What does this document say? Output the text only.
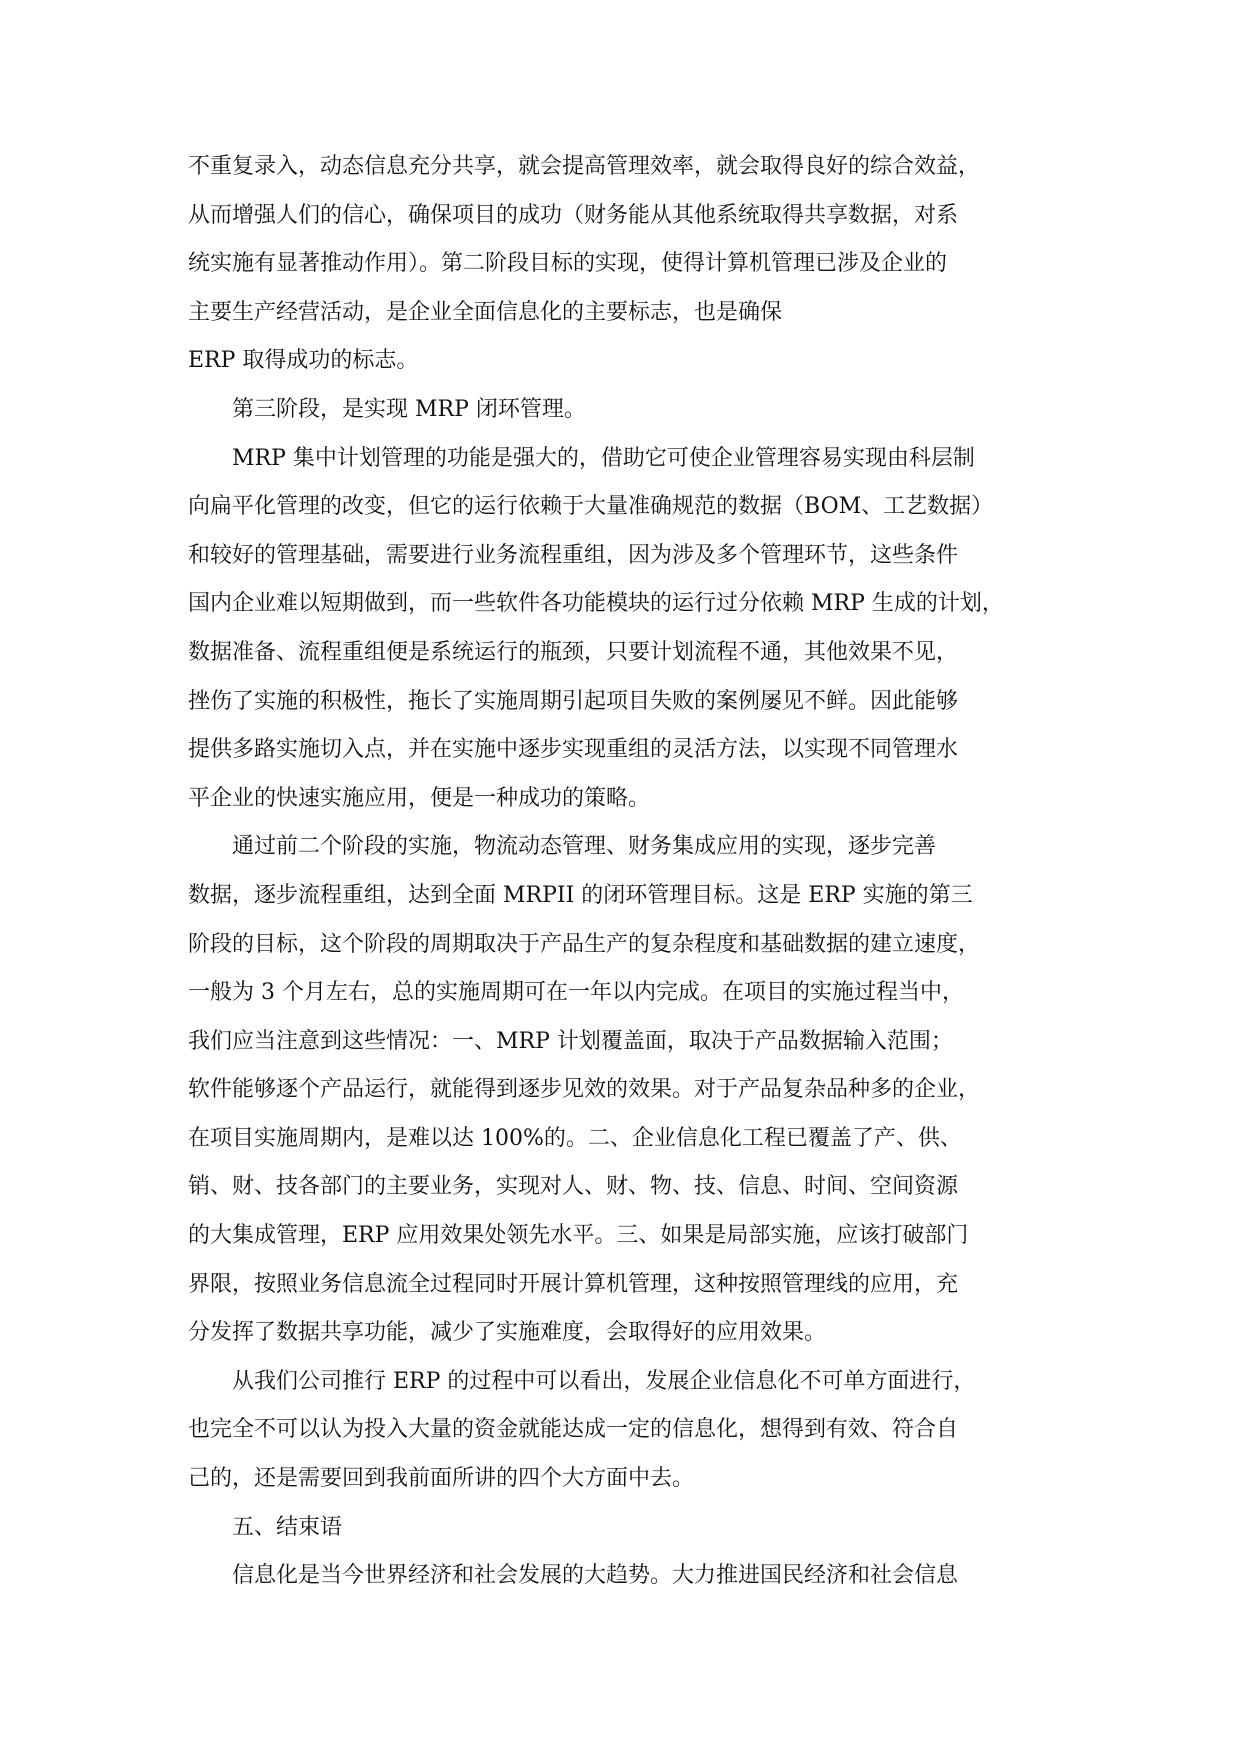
不重复录入，动态信息充分共享，就会提高管理效率，就会取得良好的综合效益，
从而增强人们的信心，确保项目的成功（财务能从其他系统取得共享数据，对系
统实施有显著推动作用）。第二阶段目标的实现，使得计算机管理已涉及企业的
主要生产经营活动，是企业全面信息化的主要标志，也是确保
ERP 取得成功的标志。
第三阶段，是实现 MRP 闭环管理。
MRP 集中计划管理的功能是强大的，借助它可使企业管理容易实现由科层制
向扁平化管理的改变，但它的运行依赖于大量准确规范的数据（BOM、工艺数据）
和较好的管理基础，需要进行业务流程重组，因为涉及多个管理环节，这些条件
国内企业难以短期做到，而一些软件各功能模块的运行过分依赖 MRP 生成的计划，
数据准备、流程重组便是系统运行的瓶颈，只要计划流程不通，其他效果不见，
挫伤了实施的积极性，拖长了实施周期引起项目失败的案例屡见不鲜。因此能够
提供多路实施切入点，并在实施中逐步实现重组的灵活方法，以实现不同管理水
平企业的快速实施应用，便是一种成功的策略。
通过前二个阶段的实施，物流动态管理、财务集成应用的实现，逐步完善
数据，逐步流程重组，达到全面 MRPII 的闭环管理目标。这是 ERP 实施的第三
阶段的目标，这个阶段的周期取决于产品生产的复杂程度和基础数据的建立速度，
一般为 3 个月左右，总的实施周期可在一年以内完成。在项目的实施过程当中，
我们应当注意到这些情况：一、MRP 计划覆盖面，取决于产品数据输入范围；
软件能够逐个产品运行，就能得到逐步见效的效果。对于产品复杂品种多的企业，
在项目实施周期内，是难以达 100%的。二、企业信息化工程已覆盖了产、供、
销、财、技各部门的主要业务，实现对人、财、物、技、信息、时间、空间资源
的大集成管理，ERP 应用效果处领先水平。三、如果是局部实施，应该打破部门
界限，按照业务信息流全过程同时开展计算机管理，这种按照管理线的应用，充
分发挥了数据共享功能，减少了实施难度，会取得好的应用效果。
从我们公司推行 ERP 的过程中可以看出，发展企业信息化不可单方面进行，
也完全不可以认为投入大量的资金就能达成一定的信息化，想得到有效、符合自
己的，还是需要回到我前面所讲的四个大方面中去。
五、结束语
信息化是当今世界经济和社会发展的大趋势。大力推进国民经济和社会信息
